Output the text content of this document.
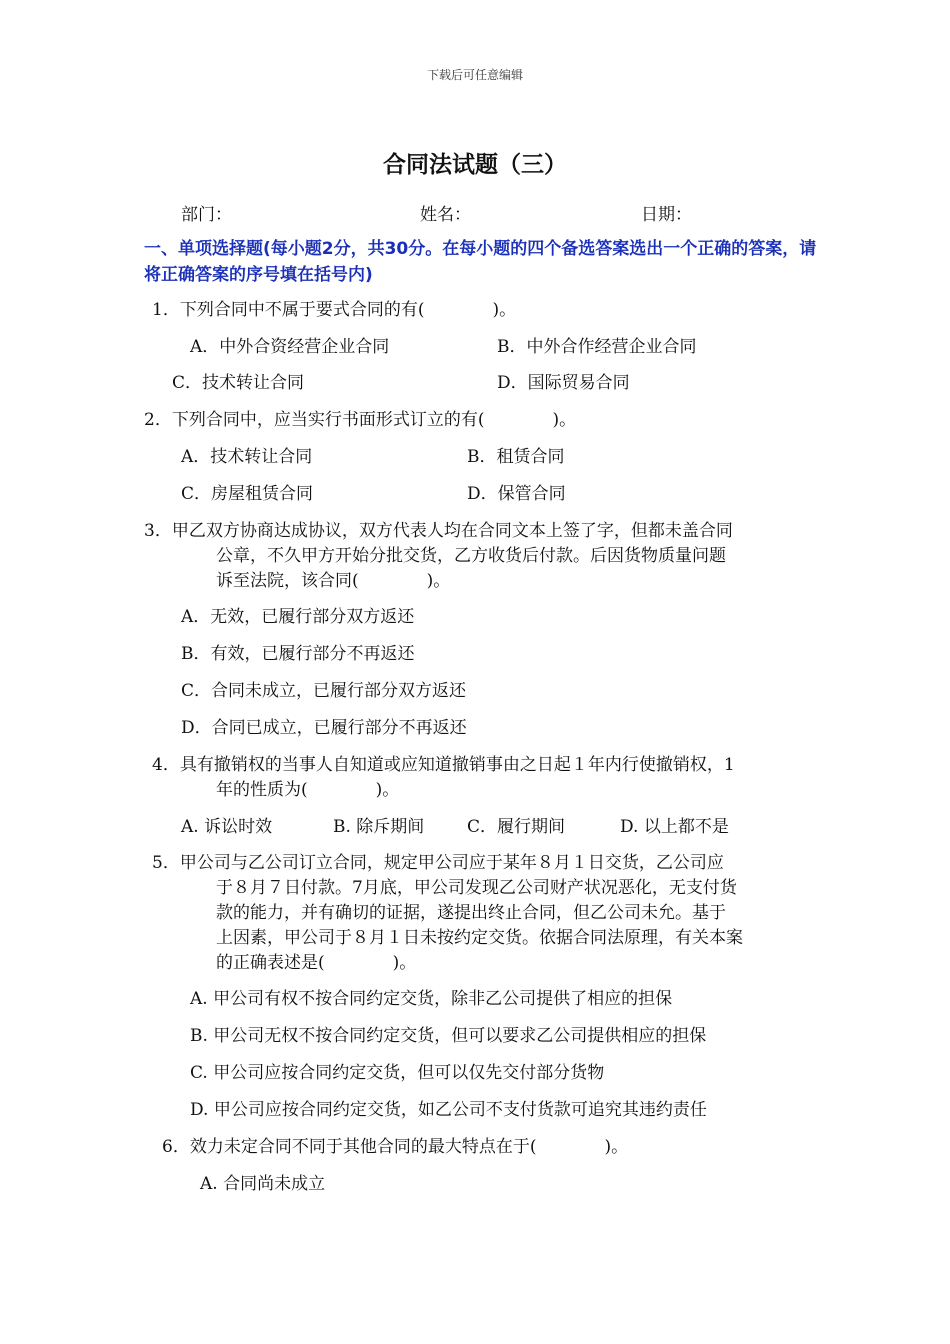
下载后可任意编辑
合同法试题（三）
部门：	姓名：	日期：
一、单项选择题(每小题2分，共30分。在每小题的四个备选答案选出一个正确的答案，请将正确答案的序号填在括号内)
1．下列合同中不属于要式合同的有(　　　　)。
A．中外合资经营企业合同	B．中外合作经营企业合同
C．技术转让合同	D．国际贸易合同
2．下列合同中，应当实行书面形式订立的有(　　　　)。
A．技术转让合同	B．租赁合同
C．房屋租赁合同	D．保管合同
3．甲乙双方协商达成协议，双方代表人均在合同文本上签了字，但都未盖合同
公章，不久甲方开始分批交货，乙方收货后付款。后因货物质量问题
诉至法院，该合同(　　　　)。
A．无效，已履行部分双方返还
B．有效，已履行部分不再返还
C．合同未成立，已履行部分双方返还
D．合同已成立，已履行部分不再返还
4．具有撤销权的当事人自知道或应知道撤销事由之日起１年内行使撤销权，1
年的性质为(　　　　)。
A. 诉讼时效	B. 除斥期间	C．履行期间	D. 以上都不是
5．甲公司与乙公司订立合同，规定甲公司应于某年８月１日交货，乙公司应
于８月７日付款。7月底，甲公司发现乙公司财产状况恶化，无支付货
款的能力，并有确切的证据，遂提出终止合同，但乙公司未允。基于
上因素，甲公司于８月１日未按约定交货。依据合同法原理，有关本案
的正确表述是(　　　　)。
A. 甲公司有权不按合同约定交货，除非乙公司提供了相应的担保
B. 甲公司无权不按合同约定交货，但可以要求乙公司提供相应的担保
C. 甲公司应按合同约定交货，但可以仅先交付部分货物
D. 甲公司应按合同约定交货，如乙公司不支付货款可追究其违约责任
6．效力未定合同不同于其他合同的最大特点在于(　　　　)。
A. 合同尚未成立
